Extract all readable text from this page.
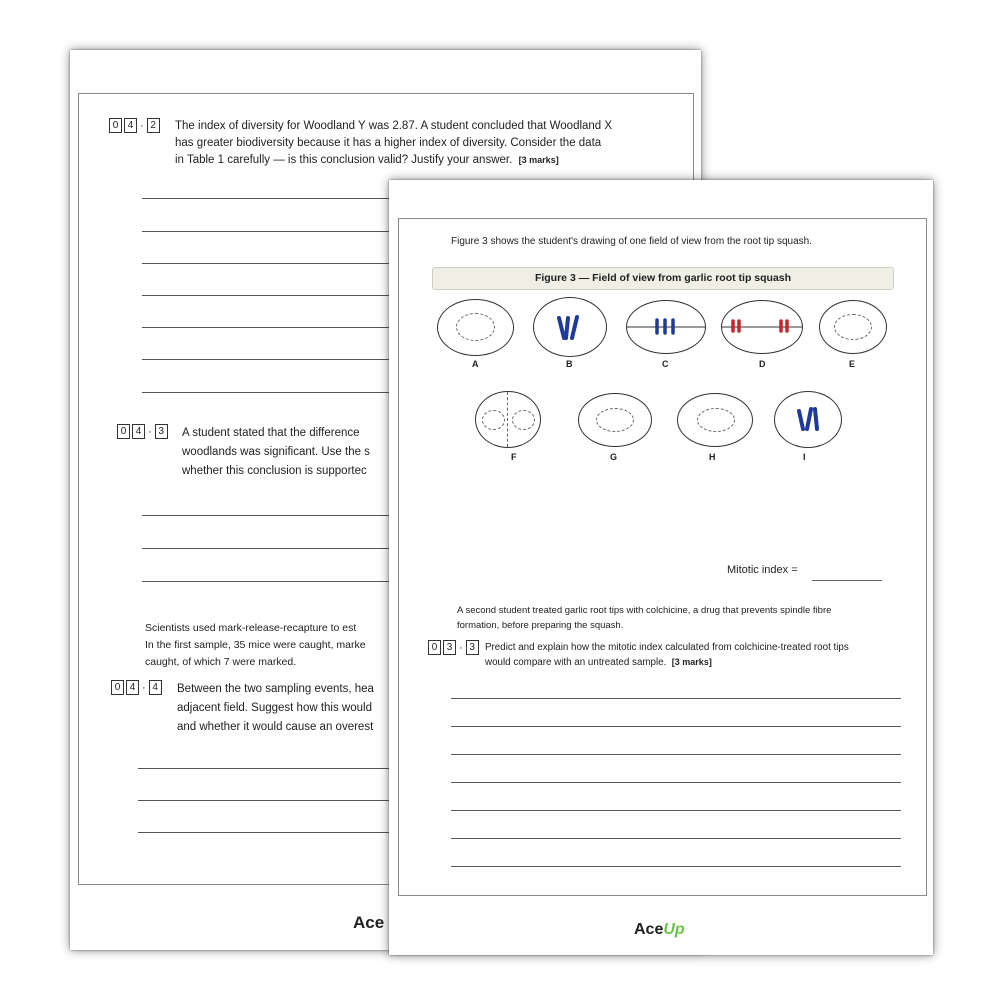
0 4 · 2	The index of diversity for Woodland Y was 2.87. A student concluded that Woodland X
has greater biodiversity because it has a higher index of diversity. Consider the data
in Table 1 carefully — is this conclusion valid? Justify your answer. [3 marks]
0 4 · 3	A student stated that the difference
woodlands was significant. Use the s
whether this conclusion is supportec
Scientists used mark-release-recapture to est
In the first sample, 35 mice were caught, marke
caught, of which 7 were marked.
0 4 · 4	Between the two sampling events, hea
adjacent field. Suggest how this would
and whether it would cause an overest
Ace
Figure 3 shows the student's drawing of one field of view from the root tip squash.
Figure 3 — Field of view from garlic root tip squash
A	B	C	D	E
F	G	H	I
Mitotic index =
A second student treated garlic root tips with colchicine, a drug that prevents spindle fibre
formation, before preparing the squash.
0 3 · 3	Predict and explain how the mitotic index calculated from colchicine-treated root tips
would compare with an untreated sample. [3 marks]
AceUp
